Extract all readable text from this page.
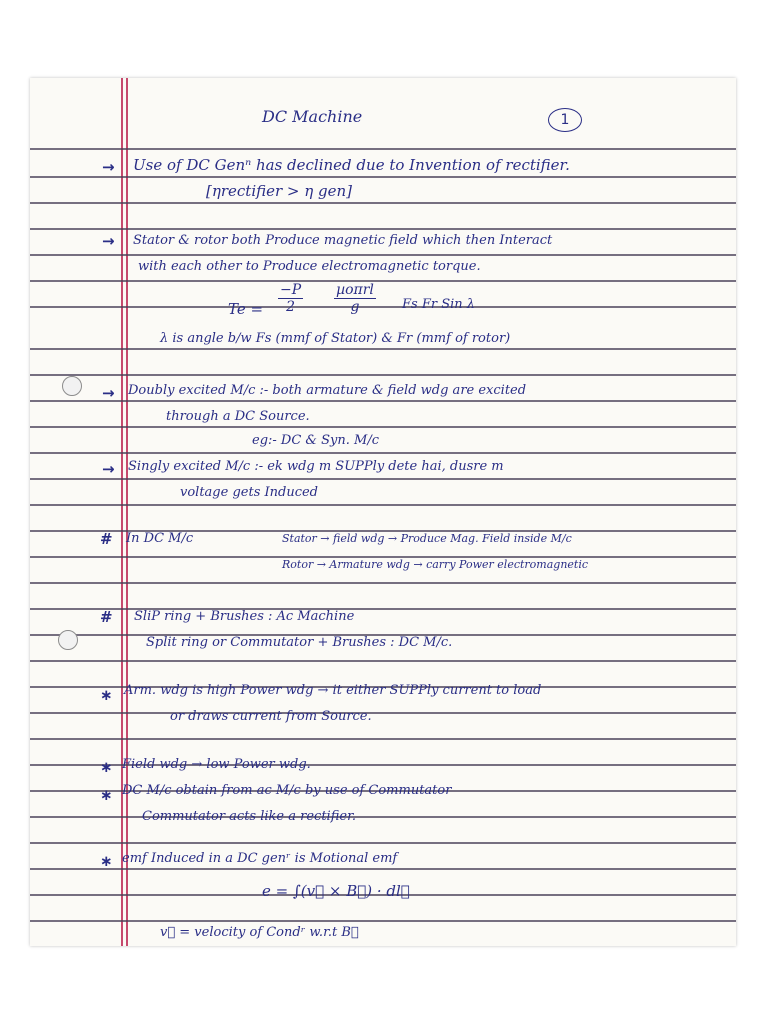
DC Machine	1
→ Use of DC Genⁿ has declined due to Invention of rectifier.
[ηrectifier > η gen]
→ Stator & rotor both Produce magnetic field which then Interact
with each other to Produce electromagnetic torque.
$Te = \frac{-P}{2}$ µoπrl
g	Fs Fr Sin λ
λ is angle b/w Fs (mmf of Stator) & Fr (mmf of rotor)
→ Doubly excited M/c :- both armature & field wdg are excited
through a DC Source.
eg:- DC & Syn. M/c
→ Singly excited M/c :- ek wdg m SUPPly dete hai, dusre m
voltage gets Induced
# In DC M/c	Stator → field wdg → Produce Mag. Field inside M/c
Rotor → Armature wdg → carry Power electromagnetic
# SliP ring + Brushes : Ac Machine
Split ring or Commutator + Brushes : DC M/c.
∗ Arm. wdg is high Power wdg → it either SUPPly current to load
or draws current from Source.
∗ Field wdg → low Power wdg.
∗ DC M/c obtain from ac M/c by use of Commutator
Commutator acts like a rectifier.
∗ emf Induced in a DC genʳ is Motional emf
e = ∫(v⃗ × B⃗) · dl⃗
v⃗ = velocity of Condʳ w.r.t B⃗
